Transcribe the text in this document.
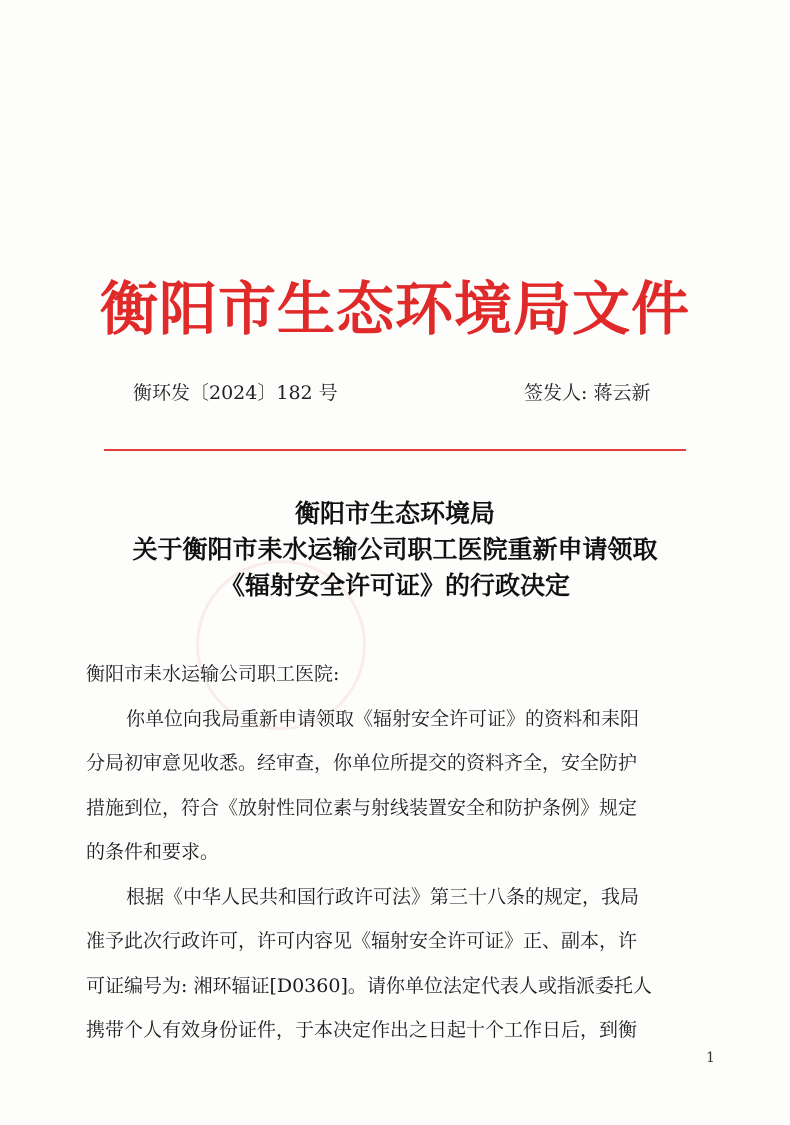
衡阳市生态环境局文件
衡环发〔2024〕182 号	签发人: 蒋云新
衡阳市生态环境局
关于衡阳市耒水运输公司职工医院重新申请领取
《辐射安全许可证》的行政决定
衡阳市耒水运输公司职工医院:
你单位向我局重新申请领取《辐射安全许可证》的资料和耒阳
分局初审意见收悉。经审查，你单位所提交的资料齐全，安全防护
措施到位，符合《放射性同位素与射线装置安全和防护条例》规定
的条件和要求。
根据《中华人民共和国行政许可法》第三十八条的规定，我局
准予此次行政许可，许可内容见《辐射安全许可证》正、副本，许
可证编号为: 湘环辐证[D0360]。请你单位法定代表人或指派委托人
携带个人有效身份证件，于本决定作出之日起十个工作日后，到衡
1
